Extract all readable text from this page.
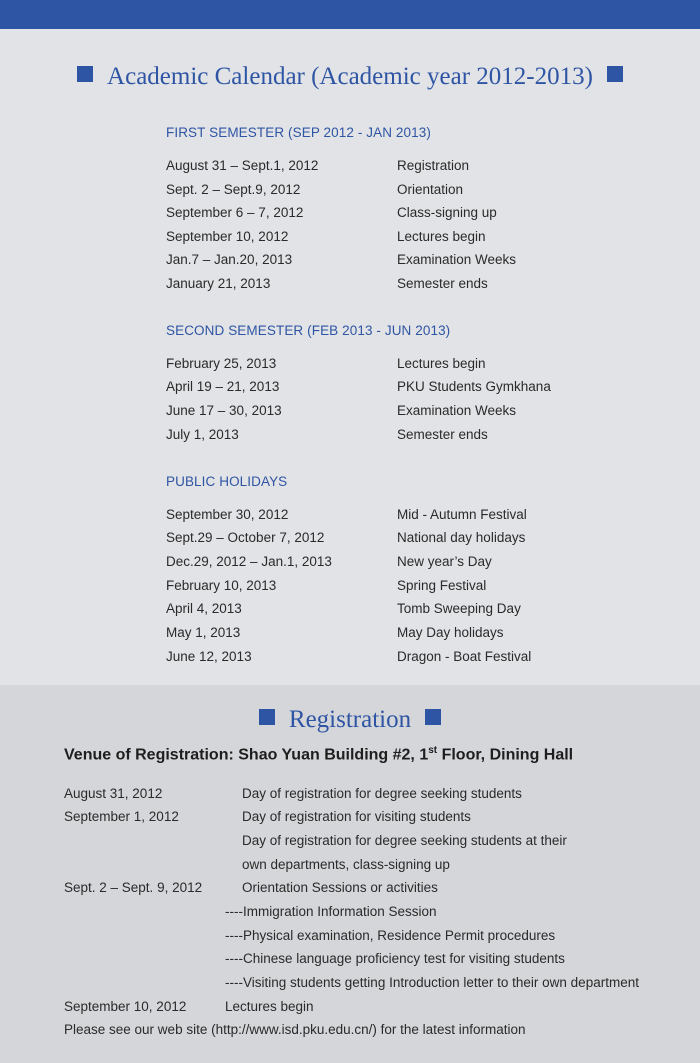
Academic Calendar (Academic year 2012-2013)
FIRST SEMESTER (SEP 2012 - JAN 2013)
August 31 – Sept.1, 2012	Registration
Sept. 2 – Sept.9, 2012	Orientation
September 6 – 7, 2012	Class-signing up
September 10, 2012	Lectures begin
Jan.7 – Jan.20, 2013	Examination Weeks
January 21, 2013	Semester ends
SECOND SEMESTER (FEB 2013 - JUN 2013)
February 25, 2013	Lectures begin
April 19 – 21, 2013	PKU Students Gymkhana
June 17 – 30, 2013	Examination Weeks
July 1, 2013	Semester ends
PUBLIC HOLIDAYS
September 30, 2012	Mid - Autumn Festival
Sept.29 – October 7, 2012	National day holidays
Dec.29, 2012 – Jan.1, 2013	New year’s Day
February 10, 2013	Spring Festival
April 4, 2013	Tomb Sweeping Day
May 1, 2013	May Day holidays
June 12, 2013	Dragon - Boat Festival
Registration
Venue of Registration: Shao Yuan Building #2, 1st Floor, Dining Hall
August 31, 2012	Day of registration for degree seeking students
September 1, 2012	Day of registration for visiting students
Day of registration for degree seeking students at their
own departments, class-signing up
Sept. 2 – Sept. 9, 2012	Orientation Sessions or activities
----Immigration Information Session
----Physical examination, Residence Permit procedures
----Chinese language proficiency test for visiting students
----Visiting students getting Introduction letter to their own department
September 10, 2012	Lectures begin
Please see our web site (http://www.isd.pku.edu.cn/) for the latest information
